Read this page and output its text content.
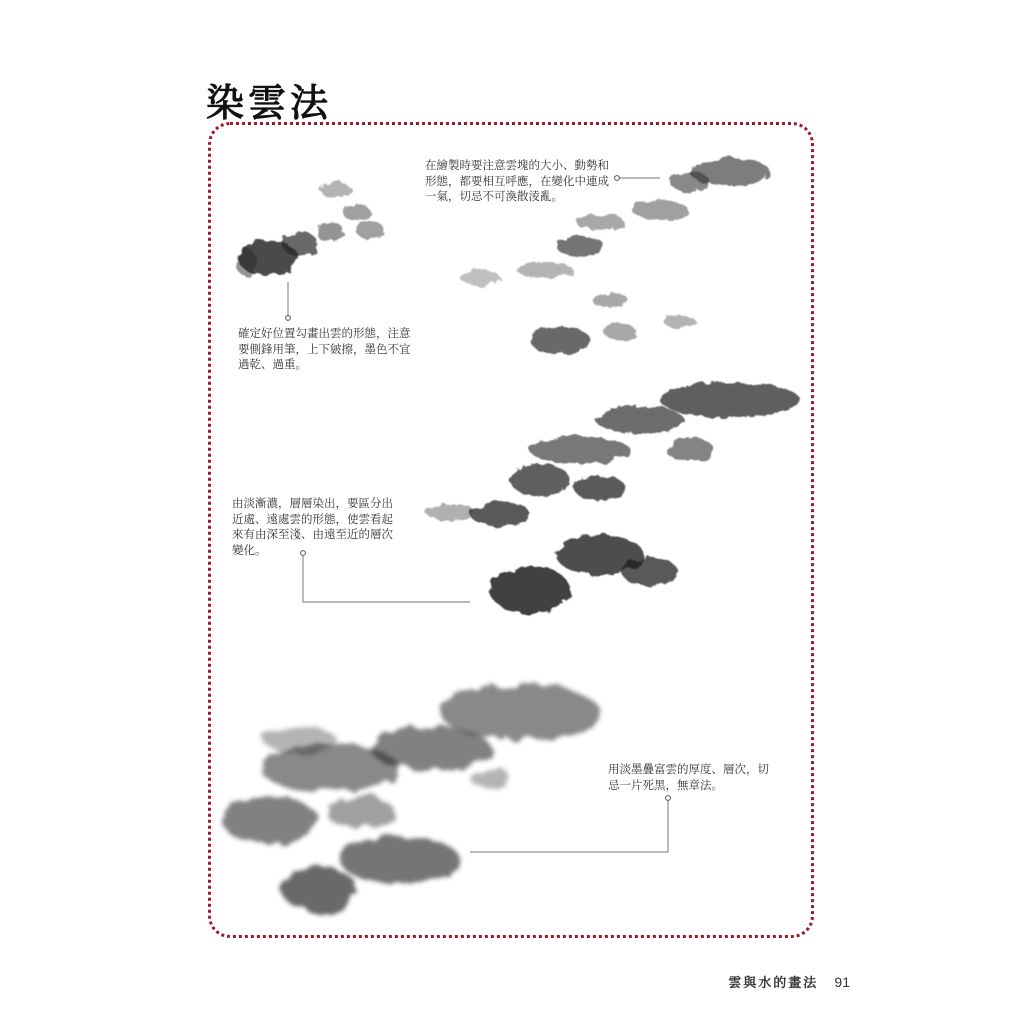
染雲法

在繪製時要注意雲塊的大小、動勢和
形態，都要相互呼應，在變化中連成
一氣，切忌不可渙散淩亂。

確定好位置勾畫出雲的形態，注意
要側鋒用筆，上下皴擦，墨色不宜
過乾、過重。

由淡漸濃，層層染出，要區分出
近處、遠處雲的形態，使雲看起
來有由深至淺、由遠至近的層次
變化。

用淡墨疊富雲的厚度、層次，切
忌一片死黑，無章法。

雲與水的畫法 91
